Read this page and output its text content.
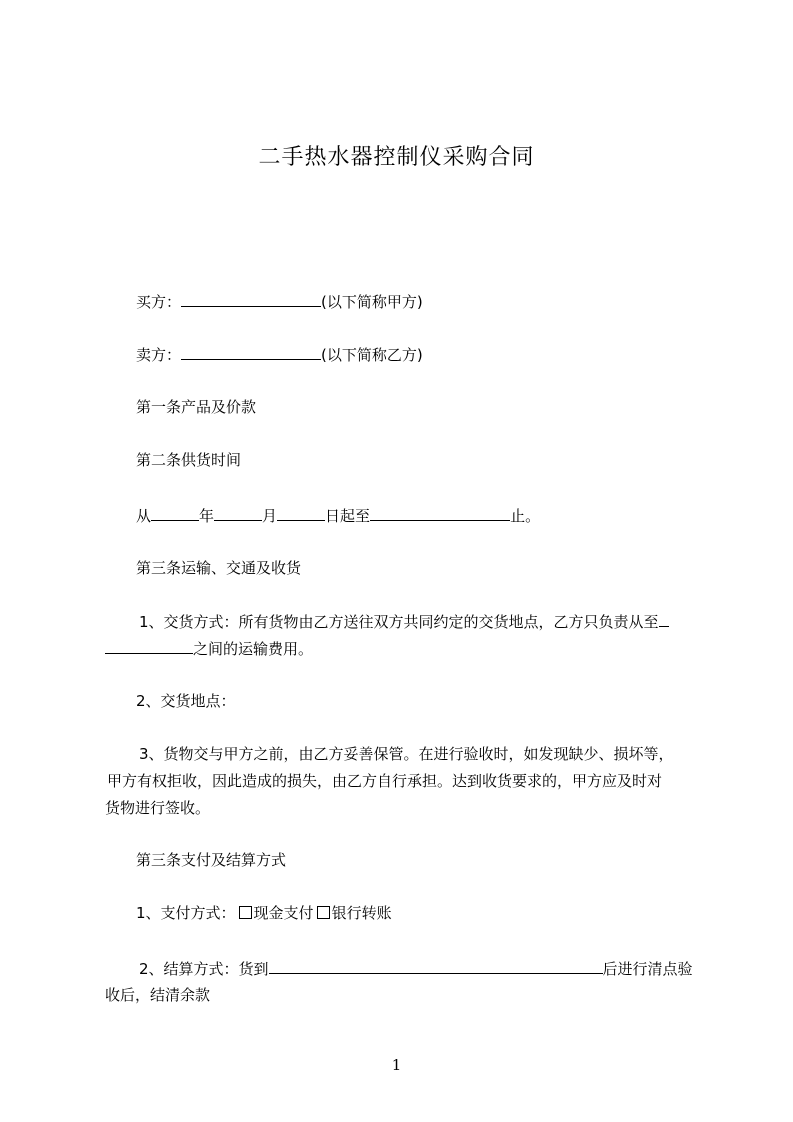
二手热水器控制仪采购合同
买方：	(以下简称甲方)
卖方：	(以下简称乙方)
第一条产品及价款
第二条供货时间
从	年	月	日起至	止。
第三条运输、交通及收货
1、交货方式：所有货物由乙方送往双方共同约定的交货地点，乙方只负责从至
之间的运输费用。
2、交货地点：
3、货物交与甲方之前，由乙方妥善保管。在进行验收时，如发现缺少、损坏等，
甲方有权拒收，因此造成的损失，由乙方自行承担。达到收货要求的，甲方应及时对
货物进行签收。
第三条支付及结算方式
1、支付方式： 现金支付 银行转账
2、结算方式：货到	后进行清点验
收后，结清余款
1
